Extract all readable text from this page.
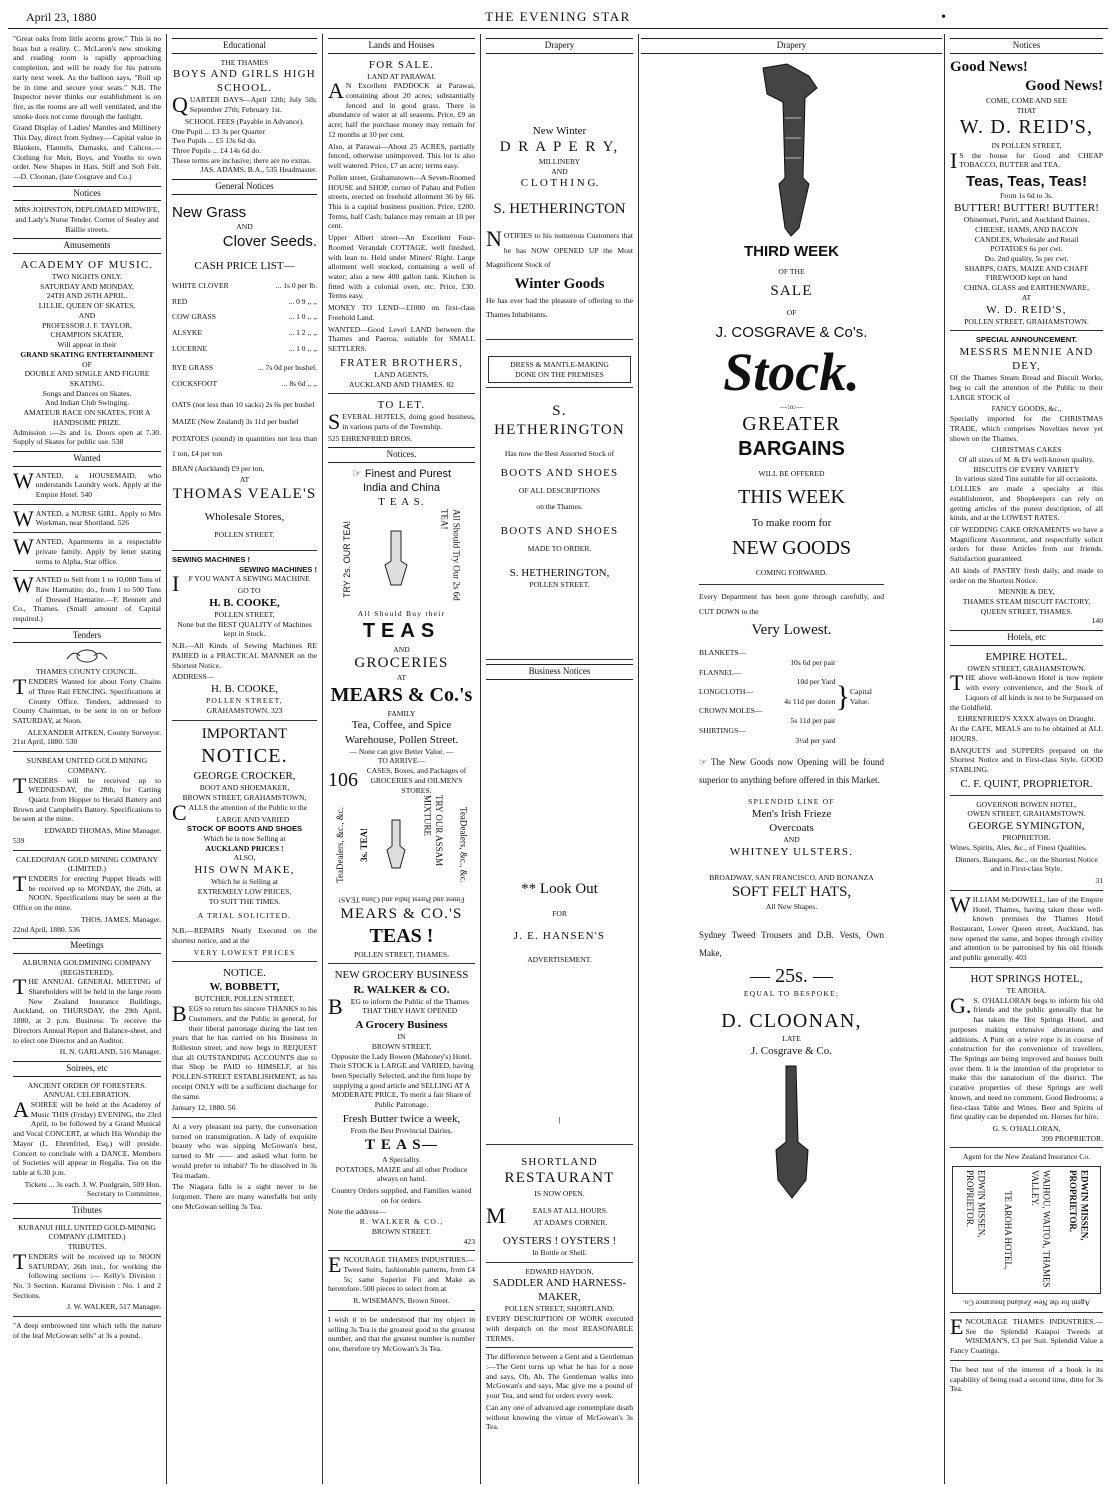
April 23, 1880	THE EVENING STAR	•

"Great oaks from little acorns grow." This is no hoax but a reality. C. McLaren's new smoking and reading room is rapidly approaching completion, and will be ready for his patrons early next week. As the balloon says, "Roll up be in time and secure your seats." N.B. The Inspector never thinks our establishment is on fire, as the rooms are all well ventilated, and the smoke does not come through the fanlight.

Grand Display of Ladies' Mantles and Millinery This Day, direct from Sydney.—Capital value in Blankets, Flannels, Damasks, and Calicos.—Clothing for Men, Boys, and Youths to own order. New Shapes in Hats, Stiff and Soft Felt.—D. Cloonan, (late Cosgrave and Co.)

Notices

MRS JOHNSTON, DEPLOMAED MIDWIFE, and Lady's Nurse Tender. Corner of Sealey and Baillie streets.

Amusements
ACADEMY OF MUSIC.
TWO NIGHTS ONLY.
SATURDAY AND MONDAY,
24TH AND 26TH APRIL.
LILLIE, QUEEN OF SKATES,
AND
PROFESSOR J. F. TAYLOR,
CHAMPION SKATER,
Will appear in their
GRAND SKATING ENTERTAINMENT
OF
DOUBLE AND SINGLE AND FIGURE SKATING.
Songs and Dances on Skates,
And Indian Club Swinging.
AMATEUR RACE ON SKATES, FOR A HANDSOME PRIZE.
Admission :—2s and 1s. Doors open at 7.30. Supply of Skates for public use. 538
Wanted

WANTED, a HOUSEMAID, who understands Laundry work. Apply at the Empire Hotel. 540

WANTED, a NURSE GIRL. Apply to Mrs Workman, near Shortland. 526

WANTED, Apartments in a respectable private family. Apply by letter stating terms to Alpha, Star office.

WANTED to Sell from 1 to 10,000 Tons of Raw Hæmatite; do., from 1 to 500 Tons of Dressed Hæmatite.—F. Bennett and Co., Thames. (Small amount of Capital required.)

Tenders
THAMES COUNTY COUNCIL.

TENDERS Wanted for about Forty Chains of Three Rail FENCING. Specifications at County Office. Tenders, addressed to County Chairman, to be sent in on or before SATURDAY, at Noon.

ALEXANDER AITKEN, County Surveyor.
21st April, 1880. 530
SUNBEAM UNITED GOLD MINING COMPANY.

TENDERS will be received up to WEDNESDAY, the 28th, for Carting Quartz from Hopper to Herald Battery and Brown and Campbell's Battery. Specifications to be seen at the mine.

EDWARD THOMAS, Mine Manager.
539
CALEDONIAN GOLD MINING COMPANY (LIMITED.)

TENDERS for erecting Puppet Heads will be received up to MONDAY, the 26th, at NOON. Specifications may be seen at the Office on the mine.

THOS. JAMES, Manager.
22nd April, 1880. 536
Meetings
ALBURNIA GOLDMINING COMPANY (REGISTERED).

THE ANNUAL GENERAL MEETING of Shareholders will be held in the large room New Zealand Insurance Buildings, Auckland, on THURSDAY, the 29th April, 1880, at 2 p.m. Business: To receive the Directors Annual Report and Balance-sheet, and to elect one Director and an Auditor.

H. N. GARLAND, 516 Manager.
Soirees, etc
ANCIENT ORDER OF FORESTERS.
ANNUAL CELEBRATION.

ASOIREE will be held at the Academy of Music THIS (Friday) EVENING, the 23rd April, to be followed by a Grand Musical and Vocal CONCERT, at which His Worship the Mayor (L. Ehrenfried, Esq.) will preside. Concert to conclude with a DANCE. Members of Societies will appear in Regalia. Tea on the table at 6.30 p.m.

Tickets ... 3s each. J. W. Poulgrain, 509 Hon. Secretary to Committee.
Tributes
KURANUI HILL UNITED GOLD-MINING COMPANY (LIMITED.)
TRIBUTES.

TENDERS will be received up to NOON SATURDAY, 26th inst., for working the following sections :— Kelly's Division : No. 3 Section. Kuranui Division : No. 1 and 2 Sections.

J. W. WALKER, 517 Manager.

"A deep embrowned tint which tells the nature of the leaf McGowan sells" at 3s a pound.

Educational
THE THAMES
BOYS AND GIRLS HIGH
SCHOOL.

QUARTER DAYS—April 12th; July 5th; September 27th; February 1st.

SCHOOL FEES (Payable in Advance).
One Pupil ... £3 3s per Quarter
Two Pupils ... £5 13s 6d do.
Three Pupils ... £4 14s 6d do.
These terms are inclusive; there are no extras.
JAS. ADAMS, B.A., 535 Headmaster.
General Notices
New Grass
AND
Clover Seeds.
CASH PRICE LIST—
WHITE CLOVER	... 1s 0 per lb.
RED	... 0 9 ,, ,,
COW GRASS	... 1 0 ,, ,,
ALSYKE	... 1 2 ,, ,,
LUCERNE	... 1 0 ,, ,,
RYE GRASS	... 7s 0d per bushel.
COCKSFOOT	... 8s 6d ,, ,,

OATS (not less than 10 sacks) 2s 6s per bushel

MAIZE (New Zealand) 3s 11d per bushel

POTATOES (sound) in quantities not less than 1 ton, £4 per ton

BRAN (Auckland) £9 per ton,

AT
THOMAS VEALE'S
Wholesale Stores,
POLLEN STREET.
SEWING MACHINES !
SEWING MACHINES !

IF YOU WANT A SEWING MACHINE

GO TO
H. B. COOKE,
POLLEN STREET,

None but the BEST QUALITY of Machines kept in Stock.

N.B.—All Kinds of Sewing Machines RE PAIRED in a PRACTICAL MANNER on the Shortest Notice.

ADDRESS—
H. B. COOKE,
POLLEN STREET,
GRAHAMSTOWN. 323
IMPORTANT
NOTICE.
GEORGE CROCKER,
BOOT AND SHOEMAKER,
BROWN STREET, GRAHAMSTOWN,

CALLS the attention of the Public to the

LARGE AND VARIED
STOCK OF BOOTS AND SHOES
Which he is now Selling at
AUCKLAND PRICES !
ALSO,
HIS OWN MAKE,
Which he is Selling at
EXTREMELY LOW PRICES,
TO SUIT THE TIMES.
A TRIAL SOLICITED.

N.B.—REPAIRS Neatly Executed on the shortest notice, and at the

VERY LOWEST PRICES
NOTICE.
W. BOBBETT,
BUTCHER, POLLEN STREET,

BEGS to return his sincere THANKS to his Customers, and the Public in general, for their liberal patronage during the last ten years that he has carried on his Business in Rolleston street, and now begs to REQUEST that all OUTSTANDING ACCOUNTS due to that Shop be PAID to HIMSELF, at his POLLEN-STREET ESTABLISHMENT, as his receipt ONLY will be a sufficient discharge for the same.

January 12, 1880. 56

At a very pleasant tea party, the conversation turned on transmigration. A lady of exquisite beauty who was sipping McGowan's best, turned to Mr —— and asked what form he would prefer to inhabit? To be dissolved in 3s Tea madam.

The Niagara falls is a sight never to be forgotten. There are many waterfalls but only one McGowan selling 3s Tea.

Lands and Houses
FOR SALE.
LAND AT PARAWAI.

AN Excellent PADDOCK at Parawai, containing about 20 acres; substantially fenced and in good grass. There is abundance of water at all seasons. Price, £9 an acre; half the purchase money may remain for 12 months at 10 per cent.

Also, at Parawai—About 25 ACRES, partially fenced, otherwise unimproved. This lot is also well watered. Price, £7 an acre; terms easy.

Pollen street, Grahamstown—A Seven-Roomed HOUSE and SHOP, corner of Pahau and Pollen streets, erected on freehold allotment 36 by 66. This is a capital business position. Price, £200. Terms, half Cash; balance may remain at 10 per cent.

Upper Albert street—An Excellent Four-Roomed Verandah COTTAGE, well finished, with lean to. Held under Miners' Right. Large allotment well stocked, containing a well of water; also a new 400 gallon tank. Kitchen is fitted with a colonial oven, etc. Price, £30. Terms easy.

MONEY TO LEND—£1000 on first-class Freehold Land.

WANTED—Good Level LAND between the Thames and Paeroa, suitable for SMALL SETTLERS.

FRATER BROTHERS,
LAND AGENTS,
AUCKLAND AND THAMES. 82
TO LET.

SEVERAL HOTELS, doing good business, in various parts of the Township.

525 EHRENFRIED BROS.
Notices.
☞ Finest and Purest
India and China
T E A S.
TRY 2s. OUR TEA!	All Should Try Our 2s 6d TEA!
All Should Buy their
TEAS
AND
GROCERIES
AT
MEARS & Co.'s
FAMILY
Tea, Coffee, and Spice Warehouse, Pollen Street.
— None can give Better Value. —
TO ARRIVE—
106	CASES, Boxes, and Packages of GROCERIES and OILMEN'S STORES.
TeaDealers, &c., &c. 3s. TEA!	TRY OUR ASSAM MIXTURE	TeaDealers, &c., &c.
Finest and Purest India and China TEAS!
MEARS & CO.'S
TEAS !
POLLEN STREET, THAMES.
NEW GROCERY BUSINESS
R. WALKER & CO.

BEG to inform the Public of the Thames THAT THEY HAVE OPENED

A Grocery Business
IN
BROWN STREET,
Opposite the Lady Bowen (Mahoney's) Hotel.

Their STOCK is LARGE and VARIED, having been Specially Selected, and the firm hope by supplying a good article and SELLING AT A MODERATE PRICE, To merit a fair Share of Public Patronage.

Fresh Butter twice a week,
From the Best Provincial Dairies.
T E A S—
A Speciality.

POTATOES, MAIZE and all other Produce always on hand.

Country Orders supplied, and Families waited on for orders.

Note the address—
R. WALKER & CO.,
BROWN STREET.
423

ENCOURAGE THAMES INDUSTRIES.—Tweed Suits, fashionable patterns, from £4 5s; same Superior Fit and Make as heretofore. 500 pieces to select from at

R. WISEMAN'S, Brown Street.

I wish it to be understood that my object in selling 3s Tea is the greatest good to the greatest number, and that the greatest number is number one, therefore try McGowan's 3s Tea.

Drapery
New Winter
D R A P E R Y,
MILLINERY
AND
C L O T H I N G.
S. HETHERINGTON

NOTIFIES to his numerous Customers that he has NOW OPENED UP the Most Magnificent Stock of

Winter Goods

He has ever had the pleasure of offering to the Thames Inhabitants.

DRESS & MANTLE-MAKING
DONE ON THE PREMISES
S. HETHERINGTON
Has now the Best Assorted Stock of
BOOTS AND SHOES
OF ALL DESCRIPTIONS
on the Thames.
BOOTS AND SHOES
MADE TO ORDER.
S. HETHERINGTON,
POLLEN STREET.
Business Notices
** Look Out
FOR
J. E. HANSEN'S
ADVERTISEMENT.
|
SHORTLAND
RESTAURANT
IS NOW OPEN.

MEALS AT ALL HOURS.

AT ADAM'S CORNER.
OYSTERS ! OYSTERS !
In Bottle or Shell.
EDWARD HAYDON,
SADDLER AND HARNESS-MAKER,
POLLEN STREET, SHORTLAND.

EVERY DESCRIPTION OF WORK executed with despatch on the most REASONABLE TERMS.

The difference between a Gent and a Gentleman :—The Gent turns up what he has for a nose and says, Oh, Ah. The Gentleman walks into McGowan's and says, Mac give me a pound of your Tea, and send for orders every week.

Can any one of advanced age contemplate death without knowing the virtue of McGowan's 3s Tea.

Drapery
THIRD WEEK
OF THE
SALE
OF
J. COSGRAVE & Co's.
Stock.
—:o:—
GREATER
BARGAINS
WILL BE OFFERED
THIS WEEK
To make room for
NEW GOODS
COMING FORWARD.

Every Department has been gone through carefully, and CUT DOWN to the

Very Lowest.
BLANKETS—
10s 6d per pair
FLANNEL—
10d per Yard
LONGCLOTH—
4s 11d per dozen
CROWN MOLES—
5s 11d per pair
SHIRTINGS—
3½d per yard
} Capital Value.

☞ The New Goods now Opening will be found superior to anything before offered in this Market.

SPLENDID LINE OF
Men's Irish Frieze
Overcoats
AND
WHITNEY ULSTERS.
BROADWAY, SAN FRANCISCO, AND BONANZA
SOFT FELT HATS,
All New Shapes.

Sydney Tweed Trousers and D.B. Vests, Own Make,

— 25s. —
EQUAL TO BESPOKE;
D. CLOONAN,
LATE
J. Cosgrave & Co.
Notices
Good News!
Good News!
COME, COME AND SEE
THAT
W. D. REID'S,
IN POLLEN STREET,

IS the house for Good and CHEAP TOBACCO, BUTTER and TEA.

Teas, Teas, Teas!
From 1s 6d to 3s.
BUTTER! BUTTER! BUTTER!
Ohinemuri, Puriri, and Auckland Dairies.
CHEESE, HAMS, AND BACON
CANDLES, Wholesale and Retail
POTATOES 6s per cwt.
Do. 2nd quality, 5s per cwt.
SHARPS, OATS, MAIZE AND CHAFF
FIREWOOD kept on hand
CHINA, GLASS and EARTHENWARE,
AT
W. D. REID'S,
POLLEN STREET, GRAHAMSTOWN.
SPECIAL ANNOUNCEMENT.
MESSRS MENNIE AND DEY,

Of the Thames Steam Bread and Biscuit Works, beg to call the attention of the Public to their LARGE STOCK of

FANCY GOODS, &c.,

Specially imported for the CHRISTMAS TRADE, which comprises Novelties never yet shown on the Thames.

CHRISTMAS CAKES
Of all sizes of M. & D's well-known quality.
BISCUITS OF EVERY VARIETY
In various sized Tins suitable for all occasions.

LOLLIES are made a specialty at this establishment, and Shopkeepers can rely on getting articles of the purest description, of all kinds, and at the LOWEST RATES.

OF WEDDING CAKE ORNAMENTS we have a Magnificent Assortment, and respectfully solicit orders for these Articles from our friends. Satisfaction guaranteed.

All kinds of PASTRY fresh daily, and made to order on the Shortest Notice.

MENNIE & DEY,
THAMES STEAM BISCUIT FACTORY,
QUEEN STREET, THAMES.
140
Hotels, etc
EMPIRE HOTEL.
OWEN STREET, GRAHAMSTOWN.

THE above well-known Hotel is now replete with every convenience, and the Stock of Liquors of all kinds is not to be Surpassed on the Goldfield.

EHRENFRIED'S XXXX always on Draught.

At the CAFE, MEALS are to be obtained at ALL HOURS.

BANQUETS and SUPPERS prepared on the Shortest Notice and in First-class Style. GOOD STABLING.

C. F. QUINT, PROPRIETOR.
GOVERNOR BOWEN HOTEL,
OWEN STREET, GRAHAMSTOWN.
GEORGE SYMINGTON,
PROPRIETOR.

Wines, Spirits, Ales, &c., of Finest Qualities.

Dinners, Banquets, &c., on the Shortest Notice and in First-class Style.

31

WILLIAM McDOWELL, late of the Empire Hotel, Thames, having taken those well-known premises the Thames Hotel Restaurant, Lower Queen street, Auckland, has now opened the same, and hopes through civility and attention to be patronised by his old friends and public generally. 403

HOT SPRINGS HOTEL,
TE AROHA.

G.S. O'HALLORAN begs to inform his old friends and the public generally that he has taken the Hot Springs Hotel, and purposes making extensive alterations and additions. A Punt on a wire rope is in course of construction for the convenience of travellers. The Springs are being improved and houses built over them. It is the intention of the proprietor to make this the sanatorium of the district. The curative properties of these Springs are well known, and need no comment. Good Bedrooms; a first-class Table and Wines. Beer and Spirits of first quality can be depended on. Horses for hire.

G. S. O'HALLORAN,
399 PROPRIETOR.
Agent for the New Zealand Insurance Co.
EDWIN MISSEN, PROPRIETOR.	TE AROHA HOTEL,	WAIHOU, WAITOA, THAMES VALLEY.	EDWIN MISSEN, PROPRIETOR.
Agent for the New Zealand Insurance Co.

ENCOURAGE THAMES INDUSTRIES.—See the Splendid Kaiapoi Tweeds at WISEMAN'S, £3 per Suit. Splendid Value a Fancy Coatings.

The best test of the interest of a book is its capability of being read a second time, ditto for 3s Tea.
